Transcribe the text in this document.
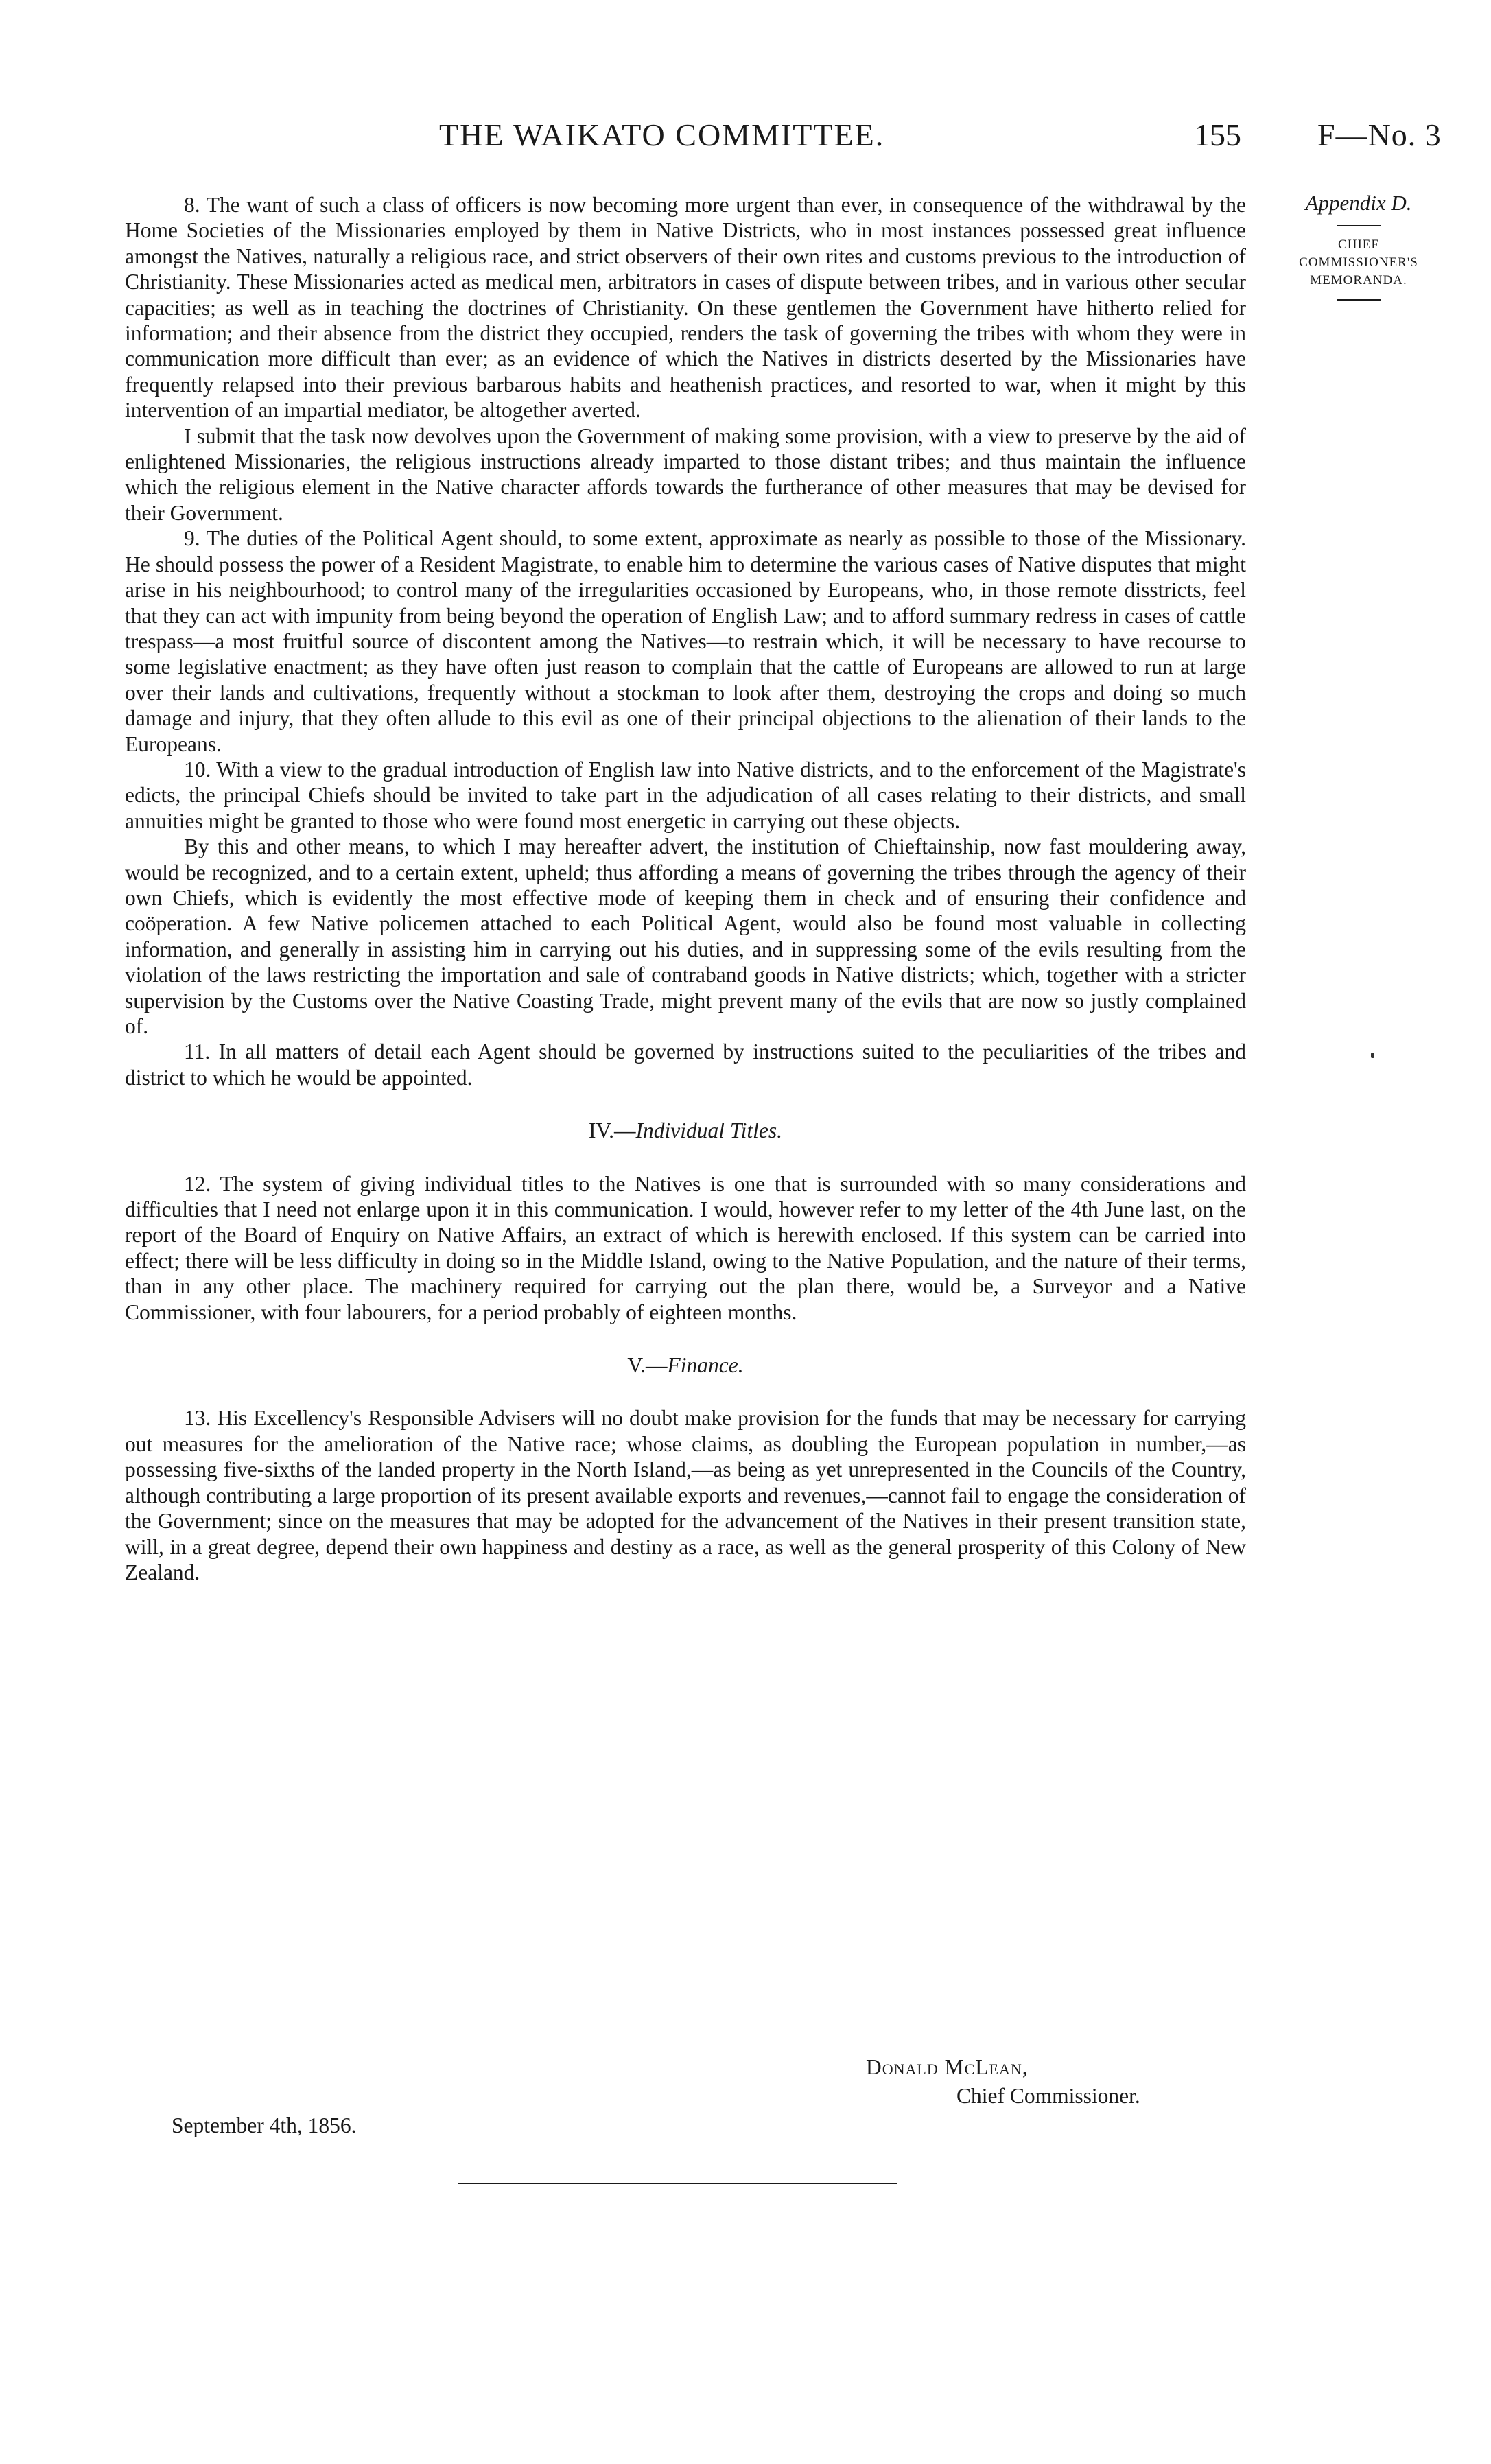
THE WAIKATO COMMITTEE.	155 F—No. 3
Appendix D.
CHIEF
COMMISSIONER'S
MEMORANDA.

8. The want of such a class of officers is now becoming more urgent than ever, in consequence of the withdrawal by the Home Societies of the Missionaries employed by them in Native Districts, who in most instances possessed great influence amongst the Natives, naturally a religious race, and strict observers of their own rites and customs previous to the introduction of Christianity. These Missionaries acted as medical men, arbitrators in cases of dispute between tribes, and in various other secular capacities; as well as in teaching the doctrines of Christianity. On these gentlemen the Government have hitherto relied for information; and their absence from the district they occupied, renders the task of governing the tribes with whom they were in communication more difficult than ever; as an evidence of which the Natives in districts deserted by the Missionaries have frequently relapsed into their previous barbarous habits and heathenish practices, and resorted to war, when it might by this intervention of an impartial mediator, be altogether averted.

I submit that the task now devolves upon the Government of making some provision, with a view to preserve by the aid of enlightened Missionaries, the religious instructions already imparted to those distant tribes; and thus maintain the influence which the religious element in the Native character affords towards the furtherance of other measures that may be devised for their Government.

9. The duties of the Political Agent should, to some extent, approximate as nearly as possible to those of the Missionary. He should possess the power of a Resident Magistrate, to enable him to determine the various cases of Native disputes that might arise in his neighbourhood; to control many of the irregularities occasioned by Europeans, who, in those remote disstricts, feel that they can act with impunity from being beyond the operation of English Law; and to afford summary redress in cases of cattle trespass—a most fruitful source of discontent among the Natives—to restrain which, it will be necessary to have recourse to some legislative enactment; as they have often just reason to complain that the cattle of Europeans are allowed to run at large over their lands and cultivations, frequently without a stockman to look after them, destroying the crops and doing so much damage and injury, that they often allude to this evil as one of their principal objections to the alienation of their lands to the Europeans.

10. With a view to the gradual introduction of English law into Native districts, and to the enforcement of the Magistrate's edicts, the principal Chiefs should be invited to take part in the adjudication of all cases relating to their districts, and small annuities might be granted to those who were found most energetic in carrying out these objects.

By this and other means, to which I may hereafter advert, the institution of Chieftainship, now fast mouldering away, would be recognized, and to a certain extent, upheld; thus affording a means of governing the tribes through the agency of their own Chiefs, which is evidently the most effective mode of keeping them in check and of ensuring their confidence and coöperation. A few Native policemen attached to each Political Agent, would also be found most valuable in collecting information, and generally in assisting him in carrying out his duties, and in suppressing some of the evils resulting from the violation of the laws restricting the importation and sale of contraband goods in Native districts; which, together with a stricter supervision by the Customs over the Native Coasting Trade, might prevent many of the evils that are now so justly complained of.

11. In all matters of detail each Agent should be governed by instructions suited to the peculiarities of the tribes and district to which he would be appointed.

IV.—Individual Titles.

12. The system of giving individual titles to the Natives is one that is surrounded with so many considerations and difficulties that I need not enlarge upon it in this communication. I would, however refer to my letter of the 4th June last, on the report of the Board of Enquiry on Native Affairs, an extract of which is herewith enclosed. If this system can be carried into effect; there will be less difficulty in doing so in the Middle Island, owing to the Native Population, and the nature of their terms, than in any other place. The machinery required for carrying out the plan there, would be, a Surveyor and a Native Commissioner, with four labourers, for a period probably of eighteen months.

V.—Finance.

13. His Excellency's Responsible Advisers will no doubt make provision for the funds that may be necessary for carrying out measures for the amelioration of the Native race; whose claims, as doubling the European population in number,—as possessing five-sixths of the landed property in the North Island,—as being as yet unrepresented in the Councils of the Country, although contributing a large proportion of its present available exports and revenues,—cannot fail to engage the consideration of the Government; since on the measures that may be adopted for the advancement of the Natives in their present transition state, will, in a great degree, depend their own happiness and destiny as a race, as well as the general prosperity of this Colony of New Zealand.

Donald McLean,
Chief Commissioner.
September 4th, 1856.
